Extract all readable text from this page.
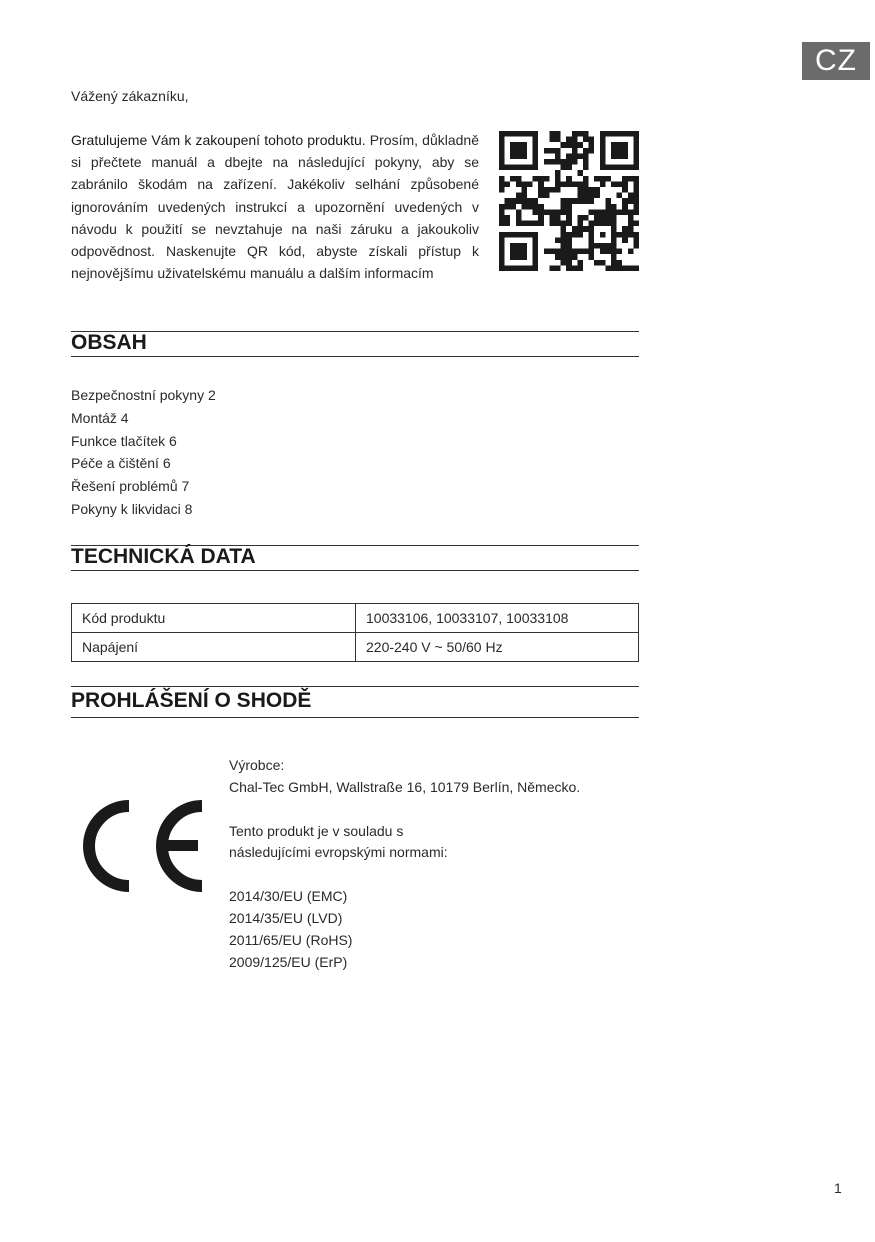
CZ
Vážený zákazníku,
Gratulujeme Vám k zakoupení tohoto produktu. Prosím, důkladně si přečtete manuál a dbejte na následující pokyny, aby se zabránilo škodám na zařízení. Jakékoliv selhání způsobené ignorováním uvedených instrukcí a upozornění uvedených v návodu k použití se nevztahuje na naši záruku a jakoukoliv odpovědnost. Naskenujte QR kód, abyste získali přístup k nejnovějšímu uživatelskému manuálu a dalším informacím
OBSAH
Bezpečnostní pokyny 2
Montáž 4
Funkce tlačítek 6
Péče a čištění 6
Řešení problémů 7
Pokyny k likvidaci 8
TECHNICKÁ DATA
Kód produktu	10033106, 10033107, 10033108
Napájení	220-240 V ~ 50/60 Hz
PROHLÁŠENÍ O SHODĚ
Výrobce:
Chal-Tec GmbH, Wallstraße 16, 10179 Berlín, Německo.
Tento produkt je v souladu s
následujícími evropskými normami:
2014/30/EU (EMC)
2014/35/EU (LVD)
2011/65/EU (RoHS)
2009/125/EU (ErP)
1
